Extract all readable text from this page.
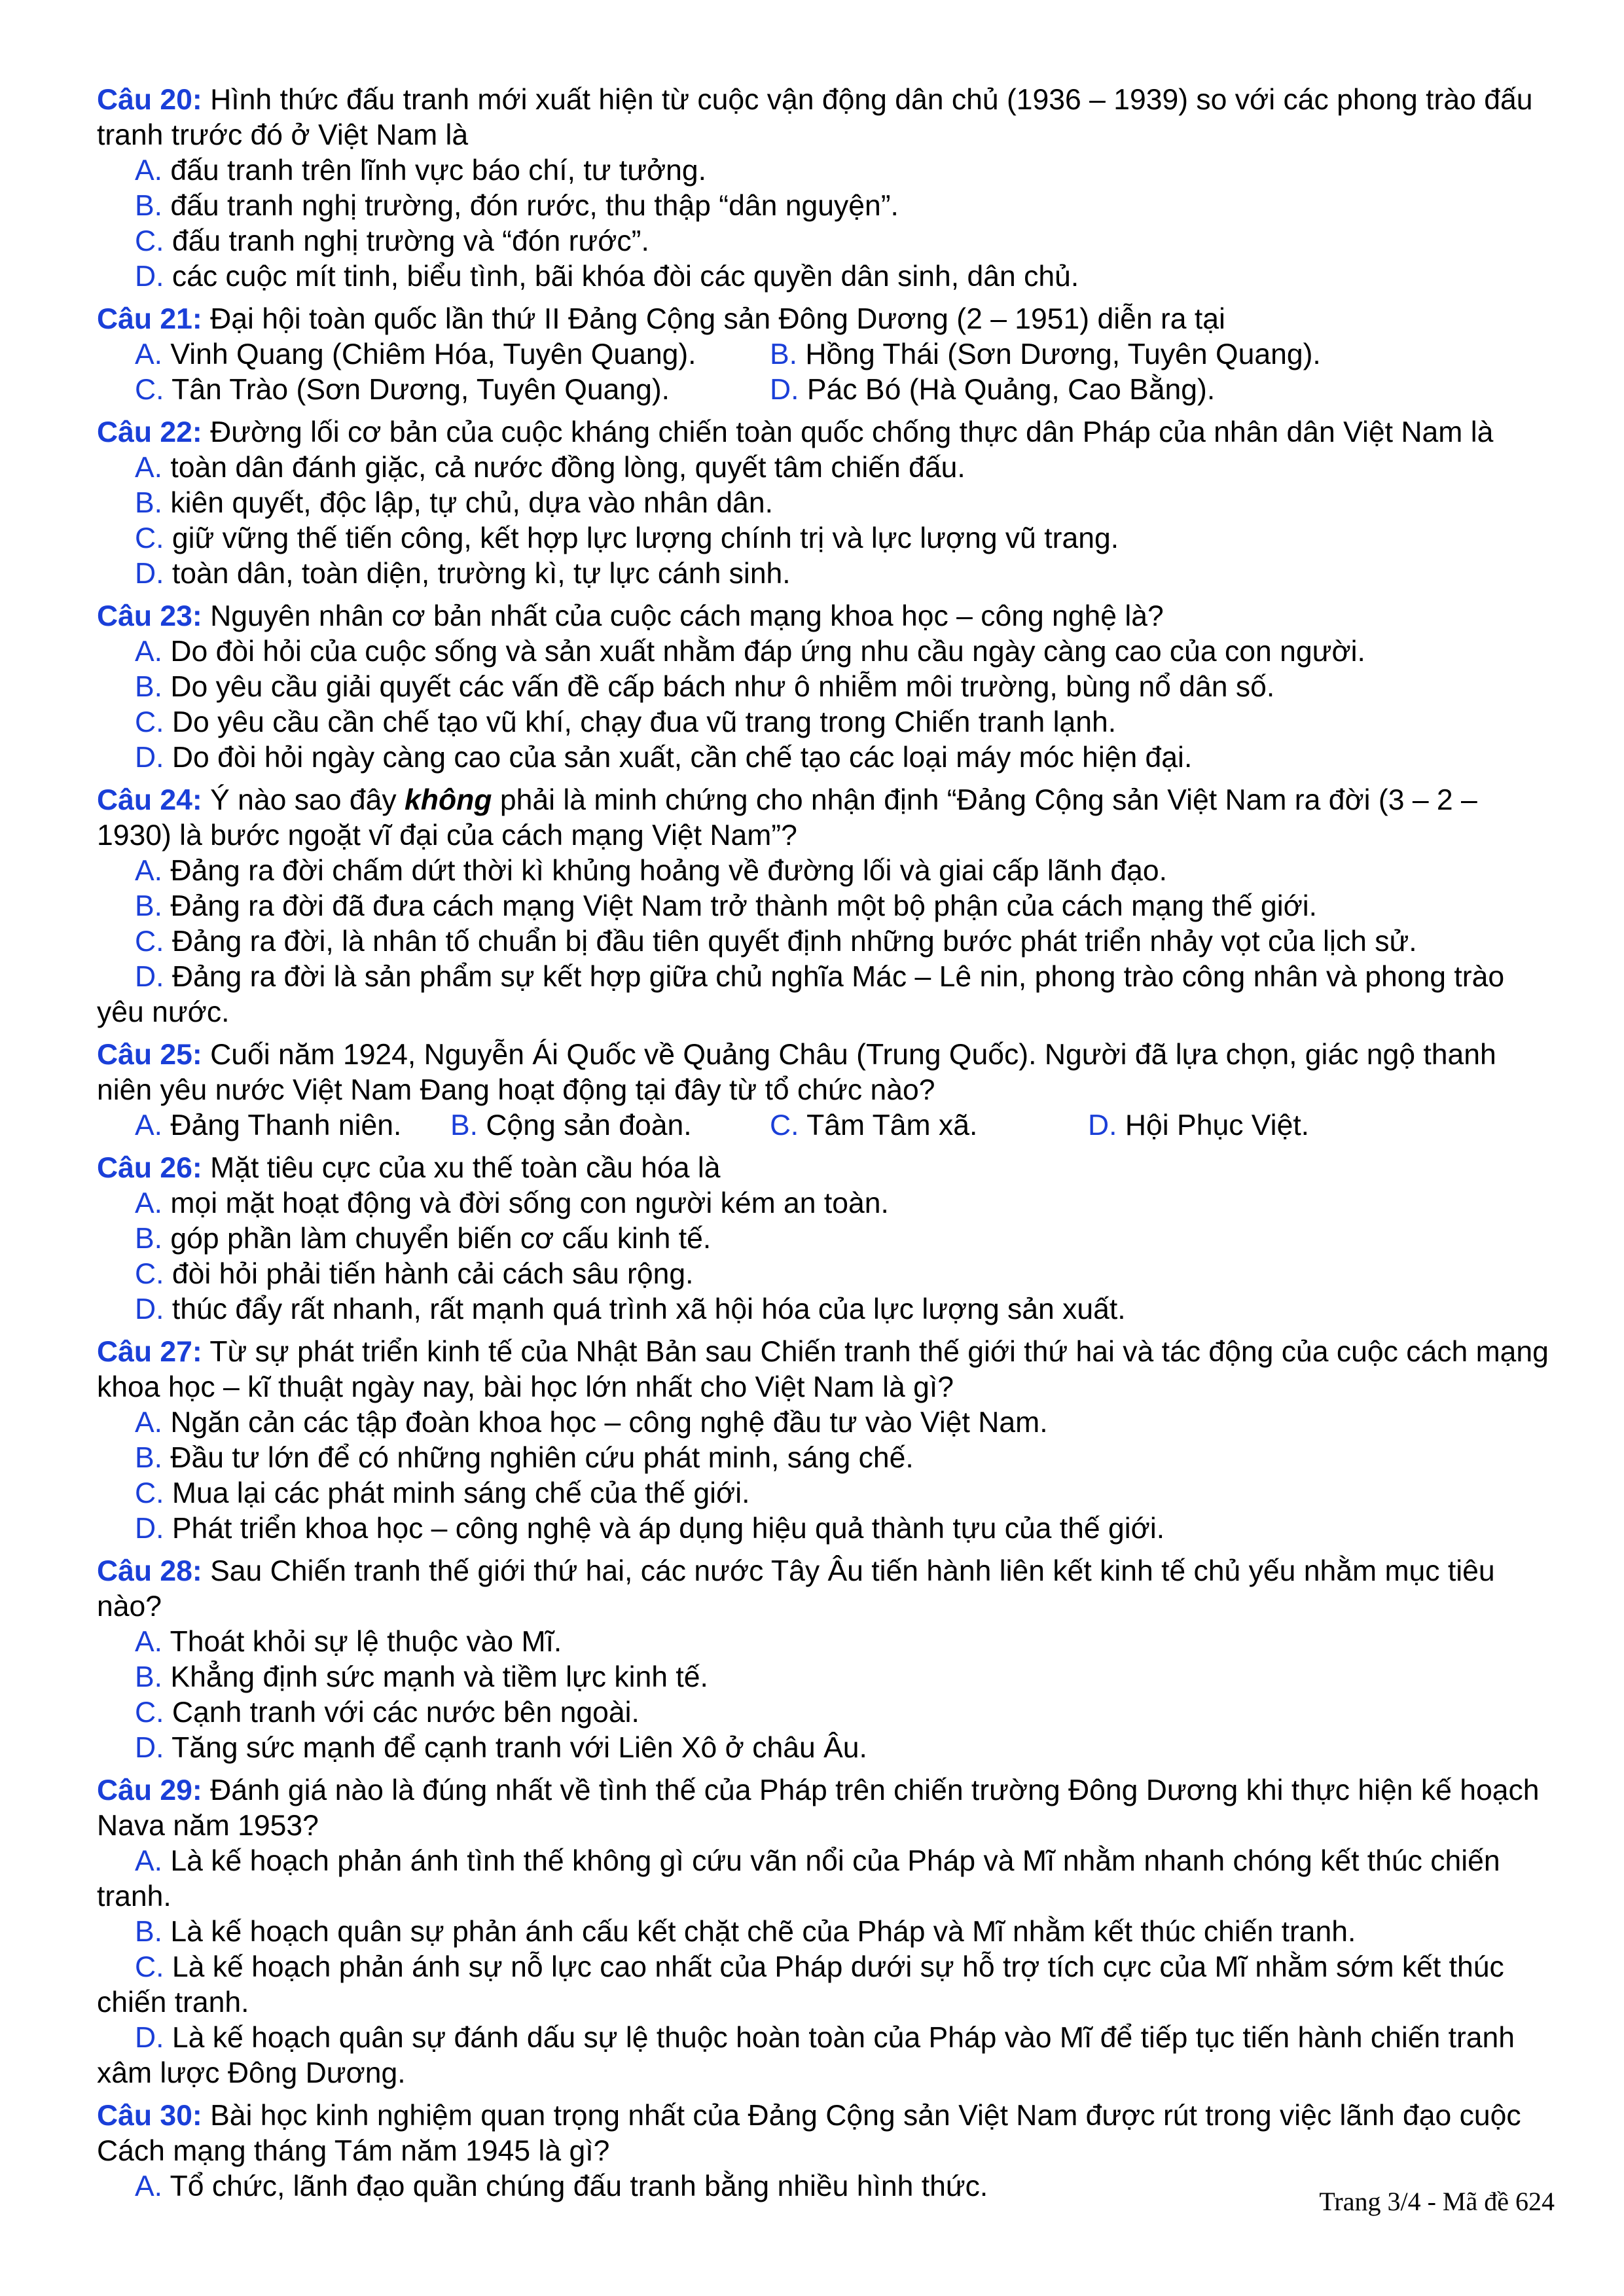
Câu 20: Hình thức đấu tranh mới xuất hiện từ cuộc vận động dân chủ (1936 – 1939) so với các phong trào đấu tranh trước đó ở Việt Nam là
A. đấu tranh trên lĩnh vực báo chí, tư tưởng.
B. đấu tranh nghị trường, đón rước, thu thập “dân nguyện”.
C. đấu tranh nghị trường và “đón rước”.
D. các cuộc mít tinh, biểu tình, bãi khóa đòi các quyền dân sinh, dân chủ.
Câu 21: Đại hội toàn quốc lần thứ II Đảng Cộng sản Đông Dương (2 – 1951) diễn ra tại
A. Vinh Quang (Chiêm Hóa, Tuyên Quang).	B. Hồng Thái (Sơn Dương, Tuyên Quang).
C. Tân Trào (Sơn Dương, Tuyên Quang).	D. Pác Bó (Hà Quảng, Cao Bằng).
Câu 22: Đường lối cơ bản của cuộc kháng chiến toàn quốc chống thực dân Pháp của nhân dân Việt Nam là
A. toàn dân đánh giặc, cả nước đồng lòng, quyết tâm chiến đấu.
B. kiên quyết, độc lập, tự chủ, dựa vào nhân dân.
C. giữ vững thế tiến công, kết hợp lực lượng chính trị và lực lượng vũ trang.
D. toàn dân, toàn diện, trường kì, tự lực cánh sinh.
Câu 23: Nguyên nhân cơ bản nhất của cuộc cách mạng khoa học – công nghệ là?
A. Do đòi hỏi của cuộc sống và sản xuất nhằm đáp ứng nhu cầu ngày càng cao của con người.
B. Do yêu cầu giải quyết các vấn đề cấp bách như ô nhiễm môi trường, bùng nổ dân số.
C. Do yêu cầu cần chế tạo vũ khí, chạy đua vũ trang trong Chiến tranh lạnh.
D. Do đòi hỏi ngày càng cao của sản xuất, cần chế tạo các loại máy móc hiện đại.
Câu 24: Ý nào sao đây không phải là minh chứng cho nhận định “Đảng Cộng sản Việt Nam ra đời (3 – 2 – 1930) là bước ngoặt vĩ đại của cách mạng Việt Nam”?
A. Đảng ra đời chấm dứt thời kì khủng hoảng về đường lối và giai cấp lãnh đạo.
B. Đảng ra đời đã đưa cách mạng Việt Nam trở thành một bộ phận của cách mạng thế giới.
C. Đảng ra đời, là nhân tố chuẩn bị đầu tiên quyết định những bước phát triển nhảy vọt của lịch sử.
D. Đảng ra đời là sản phẩm sự kết hợp giữa chủ nghĩa Mác – Lê nin, phong trào công nhân và phong trào yêu nước.
Câu 25: Cuối năm 1924, Nguyễn Ái Quốc về Quảng Châu (Trung Quốc). Người đã lựa chọn, giác ngộ thanh niên yêu nước Việt Nam Đang hoạt động tại đây từ tổ chức nào?
A. Đảng Thanh niên.	B. Cộng sản đoàn.	C. Tâm Tâm xã.	D. Hội Phục Việt.
Câu 26: Mặt tiêu cực của xu thế toàn cầu hóa là
A. mọi mặt hoạt động và đời sống con người kém an toàn.
B. góp phần làm chuyển biến cơ cấu kinh tế.
C. đòi hỏi phải tiến hành cải cách sâu rộng.
D. thúc đẩy rất nhanh, rất mạnh quá trình xã hội hóa của lực lượng sản xuất.
Câu 27: Từ sự phát triển kinh tế của Nhật Bản sau Chiến tranh thế giới thứ hai và tác động của cuộc cách mạng khoa học – kĩ thuật ngày nay, bài học lớn nhất cho Việt Nam là gì?
A. Ngăn cản các tập đoàn khoa học – công nghệ đầu tư vào Việt Nam.
B. Đầu tư lớn để có những nghiên cứu phát minh, sáng chế.
C. Mua lại các phát minh sáng chế của thế giới.
D. Phát triển khoa học – công nghệ và áp dụng hiệu quả thành tựu của thế giới.
Câu 28: Sau Chiến tranh thế giới thứ hai, các nước Tây Âu tiến hành liên kết kinh tế chủ yếu nhằm mục tiêu nào?
A. Thoát khỏi sự lệ thuộc vào Mĩ.
B. Khẳng định sức mạnh và tiềm lực kinh tế.
C. Cạnh tranh với các nước bên ngoài.
D. Tăng sức mạnh để cạnh tranh với Liên Xô ở châu Âu.
Câu 29: Đánh giá nào là đúng nhất về tình thế của Pháp trên chiến trường Đông Dương khi thực hiện kế hoạch Nava năm 1953?
A. Là kế hoạch phản ánh tình thế không gì cứu vãn nổi của Pháp và Mĩ nhằm nhanh chóng kết thúc chiến tranh.
B. Là kế hoạch quân sự phản ánh cấu kết chặt chẽ của Pháp và Mĩ nhằm kết thúc chiến tranh.
C. Là kế hoạch phản ánh sự nỗ lực cao nhất của Pháp dưới sự hỗ trợ tích cực của Mĩ nhằm sớm kết thúc chiến tranh.
D. Là kế hoạch quân sự đánh dấu sự lệ thuộc hoàn toàn của Pháp vào Mĩ để tiếp tục tiến hành chiến tranh xâm lược Đông Dương.
Câu 30: Bài học kinh nghiệm quan trọng nhất của Đảng Cộng sản Việt Nam được rút trong việc lãnh đạo cuộc Cách mạng tháng Tám năm 1945 là gì?
A. Tổ chức, lãnh đạo quần chúng đấu tranh bằng nhiều hình thức.	Trang 3/4 - Mã đề 624
